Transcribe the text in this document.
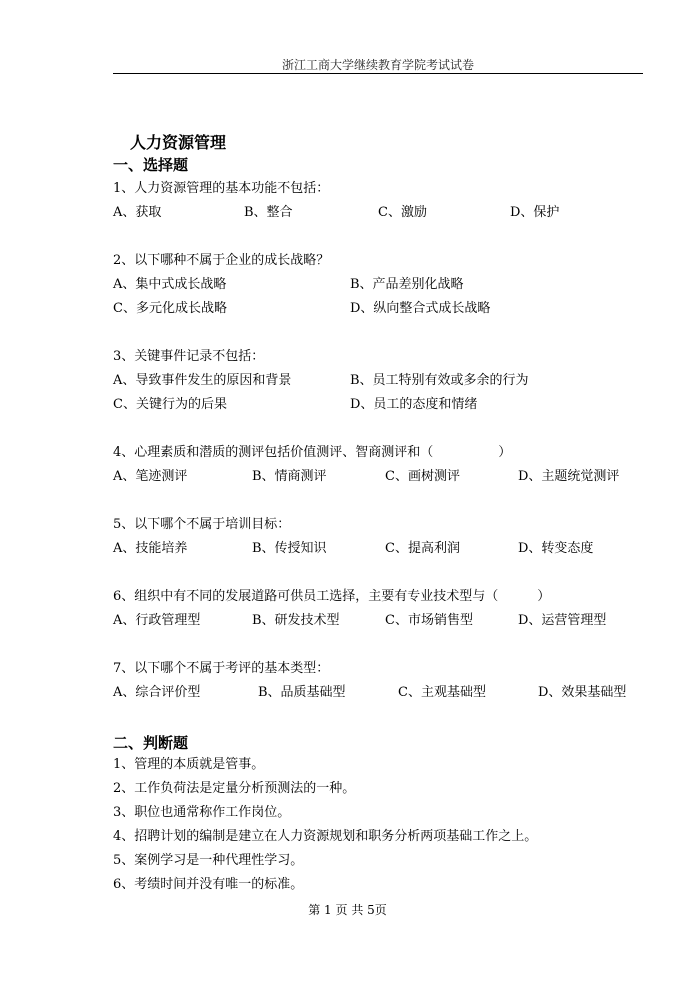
浙江工商大学继续教育学院考试试卷
人力资源管理
一、选择题
1、人力资源管理的基本功能不包括：
A、获取	B、整合	C、激励	D、保护
2、以下哪种不属于企业的成长战略？
A、集中式成长战略	B、产品差别化战略
C、多元化成长战略	D、纵向整合式成长战略
3、关键事件记录不包括：
A、导致事件发生的原因和背景	B、员工特别有效或多余的行为
C、关键行为的后果	D、员工的态度和情绪
4、心理素质和潜质的测评包括价值测评、智商测评和（　　　　　）
A、笔迹测评	B、情商测评	C、画树测评	D、主题统觉测评
5、以下哪个不属于培训目标：
A、技能培养	B、传授知识	C、提高利润	D、转变态度
6、组织中有不同的发展道路可供员工选择，主要有专业技术型与（　　　）
A、行政管理型	B、研发技术型	C、市场销售型	D、运营管理型
7、以下哪个不属于考评的基本类型：
A、综合评价型	B、品质基础型	C、主观基础型	D、效果基础型
二、判断题
1、管理的本质就是管事。
2、工作负荷法是定量分析预测法的一种。
3、职位也通常称作工作岗位。
4、招聘计划的编制是建立在人力资源规划和职务分析两项基础工作之上。
5、案例学习是一种代理性学习。
6、考绩时间并没有唯一的标准。
第 1 页 共 5页
